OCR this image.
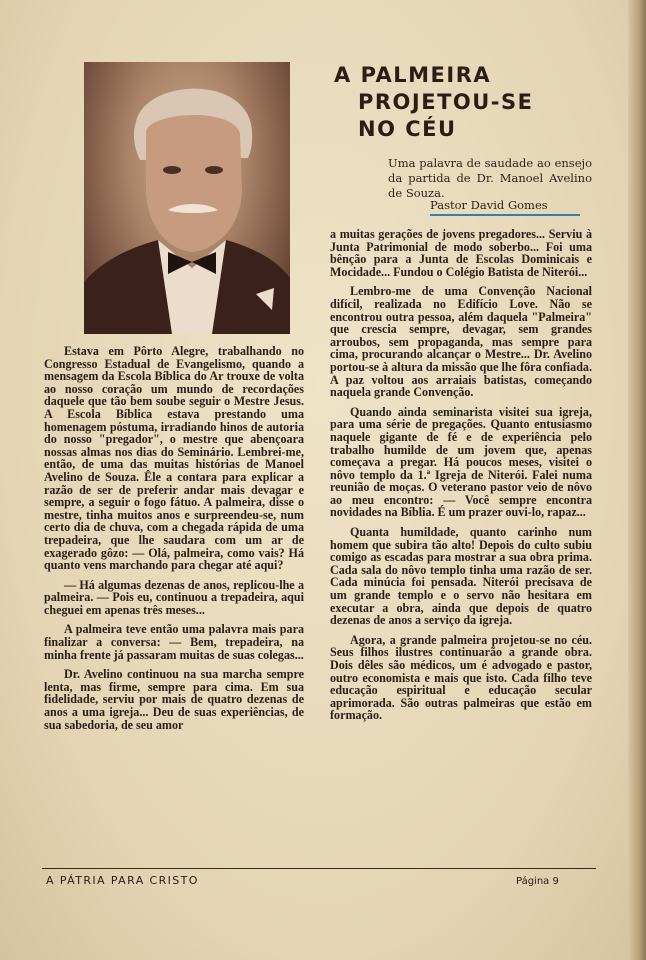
A PALMEIRA
PROJETOU-SE
NO CÉU
Uma palavra de saudade ao ensejo da partida de Dr. Manoel Avelino de Souza.
Pastor David Gomes

Estava em Pôrto Alegre, trabalhando no Congresso Estadual de Evangelismo, quando a mensagem da Escola Bíblica do Ar trouxe de volta ao nosso coração um mundo de recordações daquele que tão bem soube seguir o Mestre Jesus. A Escola Bíblica estava prestando uma homenagem póstuma, irradiando hinos de autoria do nosso "pregador", o mestre que abençoara nossas almas nos dias do Seminário. Lembrei-me, então, de uma das muitas histórias de Manoel Avelino de Souza. Êle a contara para explicar a razão de ser de preferir andar mais devagar e sempre, a seguir o fogo fátuo. A palmeira, disse o mestre, tinha muitos anos e surpreendeu-se, num certo dia de chuva, com a chegada rápida de uma trepadeira, que lhe saudara com um ar de exagerado gôzo: — Olá, palmeira, como vais? Há quanto vens marchando para chegar até aqui?

— Há algumas dezenas de anos, replicou-lhe a palmeira. — Pois eu, continuou a trepadeira, aqui cheguei em apenas três meses...

A palmeira teve então uma palavra mais para finalizar a conversa: — Bem, trepadeira, na minha frente já passaram muitas de suas colegas...

Dr. Avelino continuou na sua marcha sempre lenta, mas firme, sempre para cima. Em sua fidelidade, serviu por mais de quatro dezenas de anos a uma igreja... Deu de suas experiências, de sua sabedoria, de seu amor

a muitas gerações de jovens pregadores... Serviu à Junta Patrimonial de modo soberbo... Foi uma bênção para a Junta de Escolas Dominicais e Mocidade... Fundou o Colégio Batista de Niterói...

Lembro-me de uma Convenção Nacional difícil, realizada no Edifício Love. Não se encontrou outra pessoa, além daquela "Palmeira" que crescia sempre, devagar, sem grandes arroubos, sem propaganda, mas sempre para cima, procurando alcançar o Mestre... Dr. Avelino portou-se à altura da missão que lhe fôra confiada. A paz voltou aos arraiais batistas, começando naquela grande Convenção.

Quando ainda seminarista visitei sua igreja, para uma série de pregações. Quanto entusiasmo naquele gigante de fé e de experiência pelo trabalho humilde de um jovem que, apenas começava a pregar. Há poucos meses, visitei o nôvo templo da 1.ª Igreja de Niterói. Falei numa reunião de moças. O veterano pastor veio de nôvo ao meu encontro: — Você sempre encontra novidades na Bíblia. É um prazer ouvi-lo, rapaz...

Quanta humildade, quanto carinho num homem que subira tão alto! Depois do culto subiu comigo as escadas para mostrar a sua obra prima. Cada sala do nôvo templo tinha uma razão de ser. Cada minúcia foi pensada. Niterói precisava de um grande templo e o servo não hesitara em executar a obra, ainda que depois de quatro dezenas de anos a serviço da igreja.

Agora, a grande palmeira projetou-se no céu. Seus filhos ilustres continuarão a grande obra. Dois dêles são médicos, um é advogado e pastor, outro economista e mais que isto. Cada filho teve educação espiritual e educação secular aprimorada. São outras palmeiras que estão em formação.

A PÁTRIA PARA CRISTO	Página 9
